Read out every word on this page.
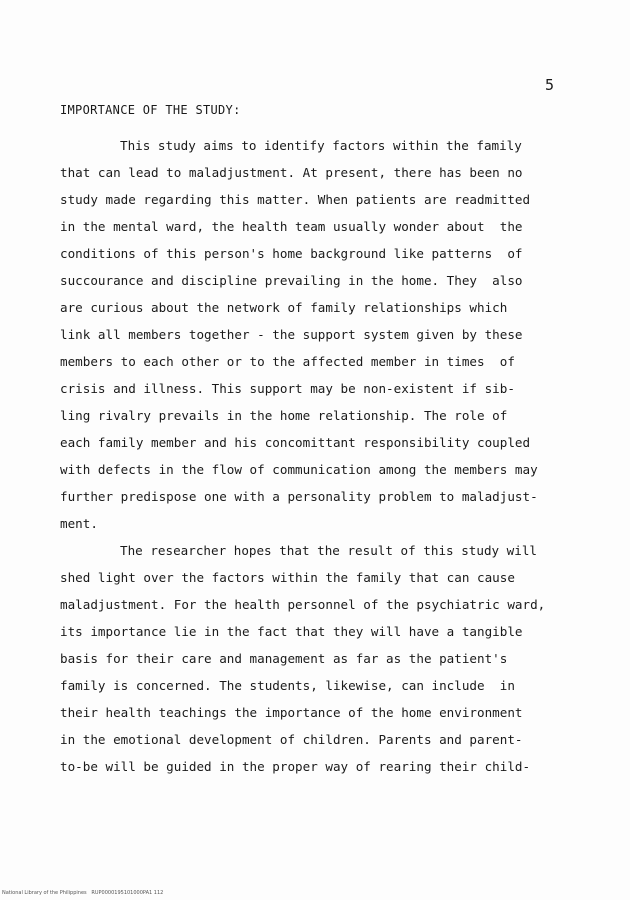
5
IMPORTANCE OF THE STUDY:
This study aims to identify factors within the family
that can lead to maladjustment. At present, there has been no
study made regarding this matter. When patients are readmitted
in the mental ward, the health team usually wonder about  the
conditions of this person's home background like patterns  of
succourance and discipline prevailing in the home. They  also
are curious about the network of family relationships which
link all members together - the support system given by these
members to each other or to the affected member in times  of
crisis and illness. This support may be non-existent if sib-
ling rivalry prevails in the home relationship. The role of
each family member and his concomittant responsibility coupled
with defects in the flow of communication among the members may
further predispose one with a personality problem to maladjust-
ment.
The researcher hopes that the result of this study will
shed light over the factors within the family that can cause
maladjustment. For the health personnel of the psychiatric ward,
its importance lie in the fact that they will have a tangible
basis for their care and management as far as the patient's
family is concerned. The students, likewise, can include  in
their health teachings the importance of the home environment
in the emotional development of children. Parents and parent-
to-be will be guided in the proper way of rearing their child-
National Library of the Philippines   RUP0000195101000PA1 112
